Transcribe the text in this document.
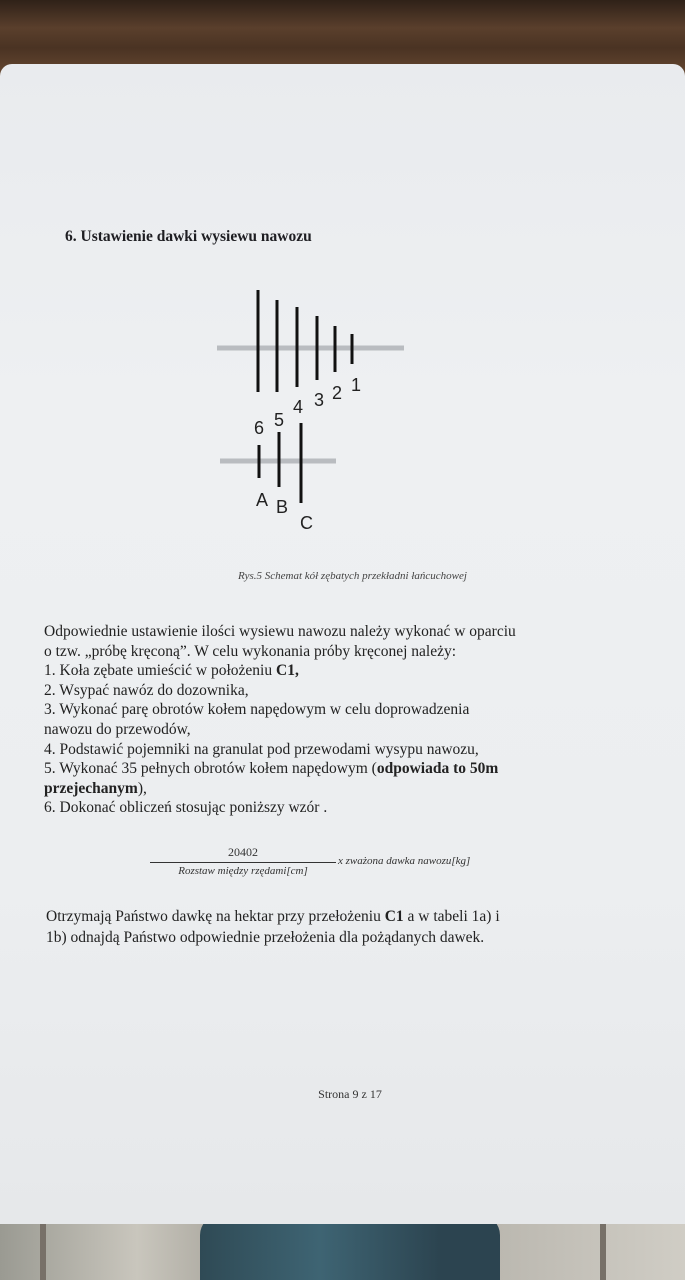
6. Ustawienie dawki wysiewu nawozu
6 5
4 3 2 1
A B
C
Rys.5 Schemat kół zębatych przekładni łańcuchowej

Odpowiednie ustawienie ilości wysiewu nawozu należy wykonać w oparciu

o tzw. „próbę kręconą”. W celu wykonania próby kręconej należy:

1. Koła zębate umieścić w położeniu C1,

2. Wsypać nawóz do dozownika,

3. Wykonać parę obrotów kołem napędowym w celu doprowadzenia

nawozu do przewodów,

4. Podstawić pojemniki na granulat pod przewodami wysypu nawozu,

5. Wykonać 35 pełnych obrotów kołem napędowym (odpowiada to 50m

przejechanym),

6. Dokonać obliczeń stosując poniższy wzór .

20402
Rozstaw między rzędami[cm]
x zważona dawka nawozu[kg]

Otrzymają Państwo dawkę na hektar przy przełożeniu C1 a w tabeli 1a) i

1b) odnajdą Państwo odpowiednie przełożenia dla pożądanych dawek.

Strona 9 z 17
